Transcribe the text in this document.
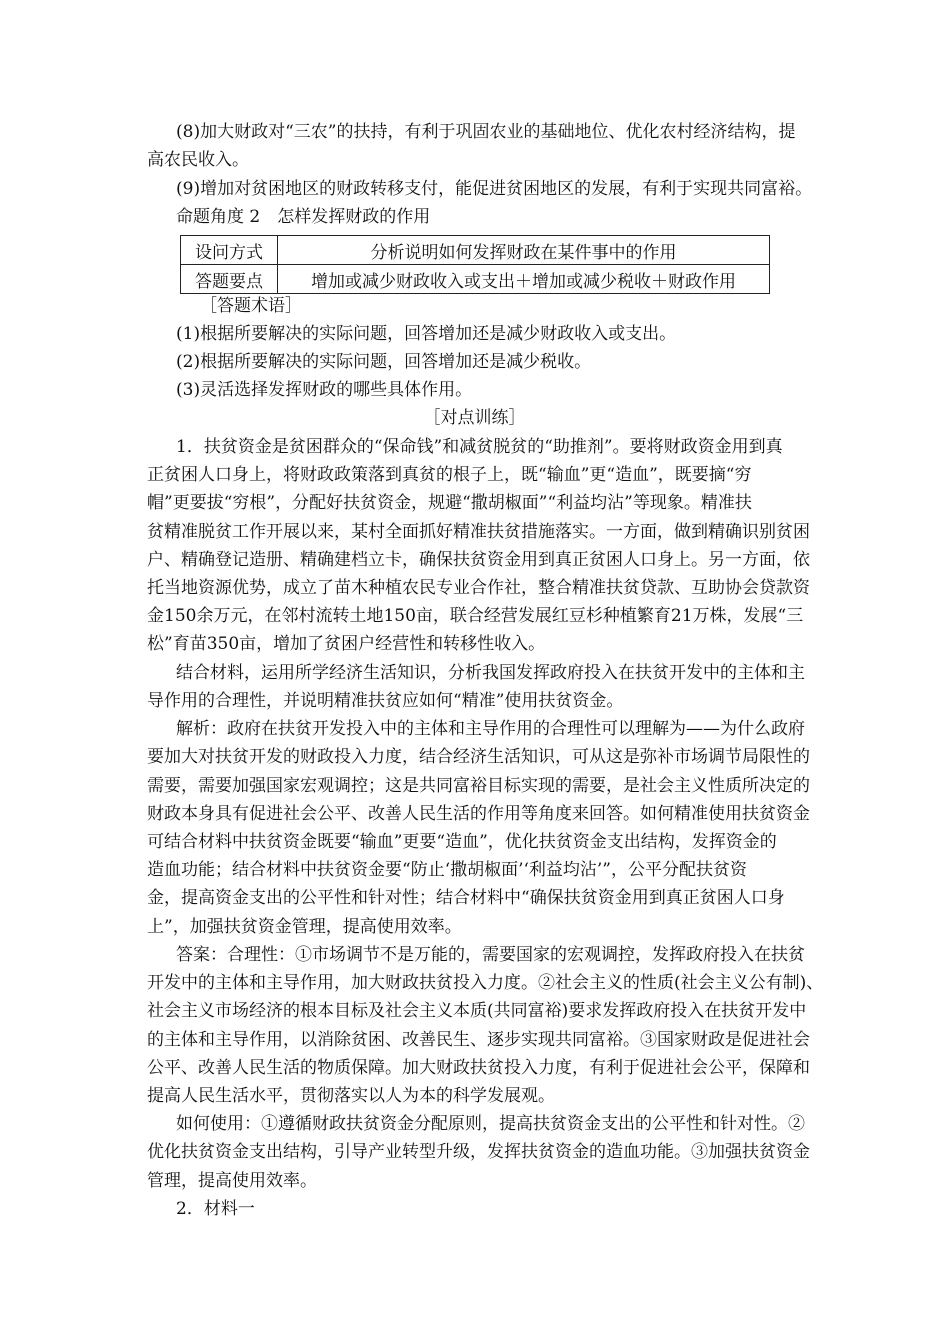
(8)加大财政对“三农”的扶持，有利于巩固农业的基础地位、优化农村经济结构，提
高农民收入。
(9)增加对贫困地区的财政转移支付，能促进贫困地区的发展，有利于实现共同富裕。
命题角度 2　怎样发挥财政的作用
设问方式	分析说明如何发挥财政在某件事中的作用
答题要点	增加或减少财政收入或支出＋增加或减少税收＋财政作用
［答题术语］
(1)根据所要解决的实际问题，回答增加还是减少财政收入或支出。
(2)根据所要解决的实际问题，回答增加还是减少税收。
(3)灵活选择发挥财政的哪些具体作用。
［对点训练］
1．扶贫资金是贫困群众的“保命钱”和减贫脱贫的“助推剂”。要将财政资金用到真
正贫困人口身上，将财政政策落到真贫的根子上，既“输血”更“造血”，既要摘“穷
帽”更要拔“穷根”，分配好扶贫资金，规避“撒胡椒面”“利益均沾”等现象。精准扶
贫精准脱贫工作开展以来，某村全面抓好精准扶贫措施落实。一方面，做到精确识别贫困
户、精确登记造册、精确建档立卡，确保扶贫资金用到真正贫困人口身上。另一方面，依
托当地资源优势，成立了苗木种植农民专业合作社，整合精准扶贫贷款、互助协会贷款资
金150余万元，在邻村流转土地150亩，联合经营发展红豆杉种植繁育21万株，发展“三
松”育苗350亩，增加了贫困户经营性和转移性收入。
结合材料，运用所学经济生活知识，分析我国发挥政府投入在扶贫开发中的主体和主
导作用的合理性，并说明精准扶贫应如何“精准”使用扶贫资金。
解析：政府在扶贫开发投入中的主体和主导作用的合理性可以理解为——为什么政府
要加大对扶贫开发的财政投入力度，结合经济生活知识，可从这是弥补市场调节局限性的
需要，需要加强国家宏观调控；这是共同富裕目标实现的需要，是社会主义性质所决定的
财政本身具有促进社会公平、改善人民生活的作用等角度来回答。如何精准使用扶贫资金
可结合材料中扶贫资金既要“输血”更要“造血”，优化扶贫资金支出结构，发挥资金的
造血功能；结合材料中扶贫资金要“防止‘撒胡椒面’‘利益均沾’”，公平分配扶贫资
金，提高资金支出的公平性和针对性；结合材料中“确保扶贫资金用到真正贫困人口身
上”，加强扶贫资金管理，提高使用效率。
答案：合理性：①市场调节不是万能的，需要国家的宏观调控，发挥政府投入在扶贫
开发中的主体和主导作用，加大财政扶贫投入力度。②社会主义的性质(社会主义公有制)、
社会主义市场经济的根本目标及社会主义本质(共同富裕)要求发挥政府投入在扶贫开发中
的主体和主导作用，以消除贫困、改善民生、逐步实现共同富裕。③国家财政是促进社会
公平、改善人民生活的物质保障。加大财政扶贫投入力度，有利于促进社会公平，保障和
提高人民生活水平，贯彻落实以人为本的科学发展观。
如何使用：①遵循财政扶贫资金分配原则，提高扶贫资金支出的公平性和针对性。②
优化扶贫资金支出结构，引导产业转型升级，发挥扶贫资金的造血功能。③加强扶贫资金
管理，提高使用效率。
2．材料一
